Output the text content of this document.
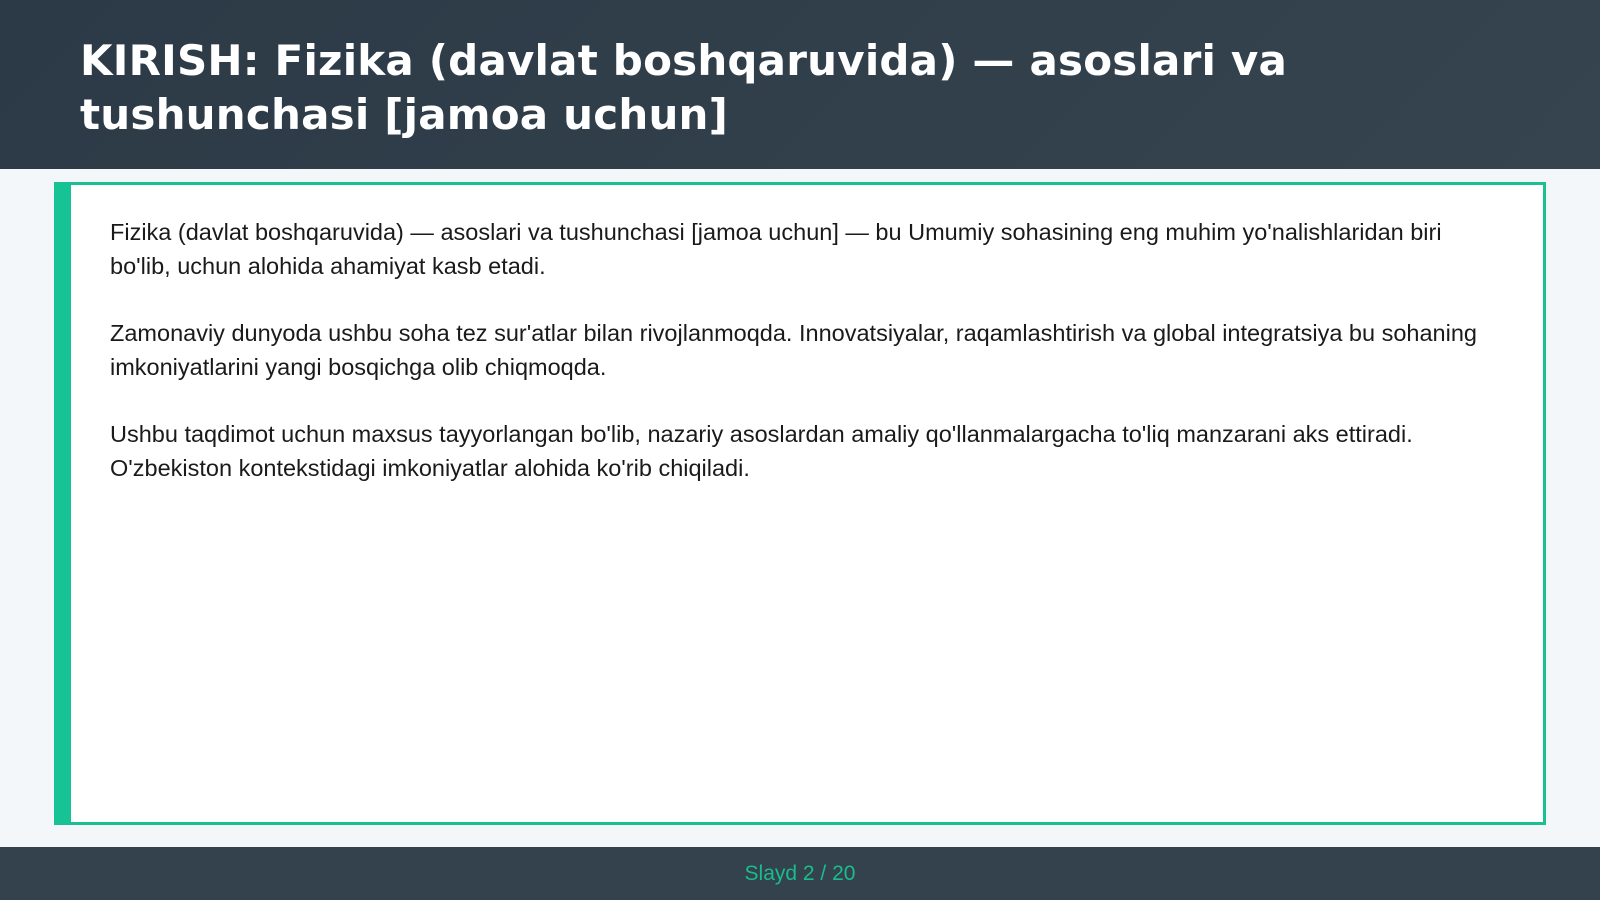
KIRISH: Fizika (davlat boshqaruvida) — asoslari va tushunchasi [jamoa uchun]

Fizika (davlat boshqaruvida) — asoslari va tushunchasi [jamoa uchun] — bu Umumiy sohasining eng muhim yo'nalishlaridan biri bo'lib, uchun alohida ahamiyat kasb etadi.

Zamonaviy dunyoda ushbu soha tez sur'atlar bilan rivojlanmoqda. Innovatsiyalar, raqamlashtirish va global integratsiya bu sohaning imkoniyatlarini yangi bosqichga olib chiqmoqda.

Ushbu taqdimot uchun maxsus tayyorlangan bo'lib, nazariy asoslardan amaliy qo'llanmalargacha to'liq manzarani aks ettiradi. O'zbekiston kontekstidagi imkoniyatlar alohida ko'rib chiqiladi.

Slayd 2 / 20
